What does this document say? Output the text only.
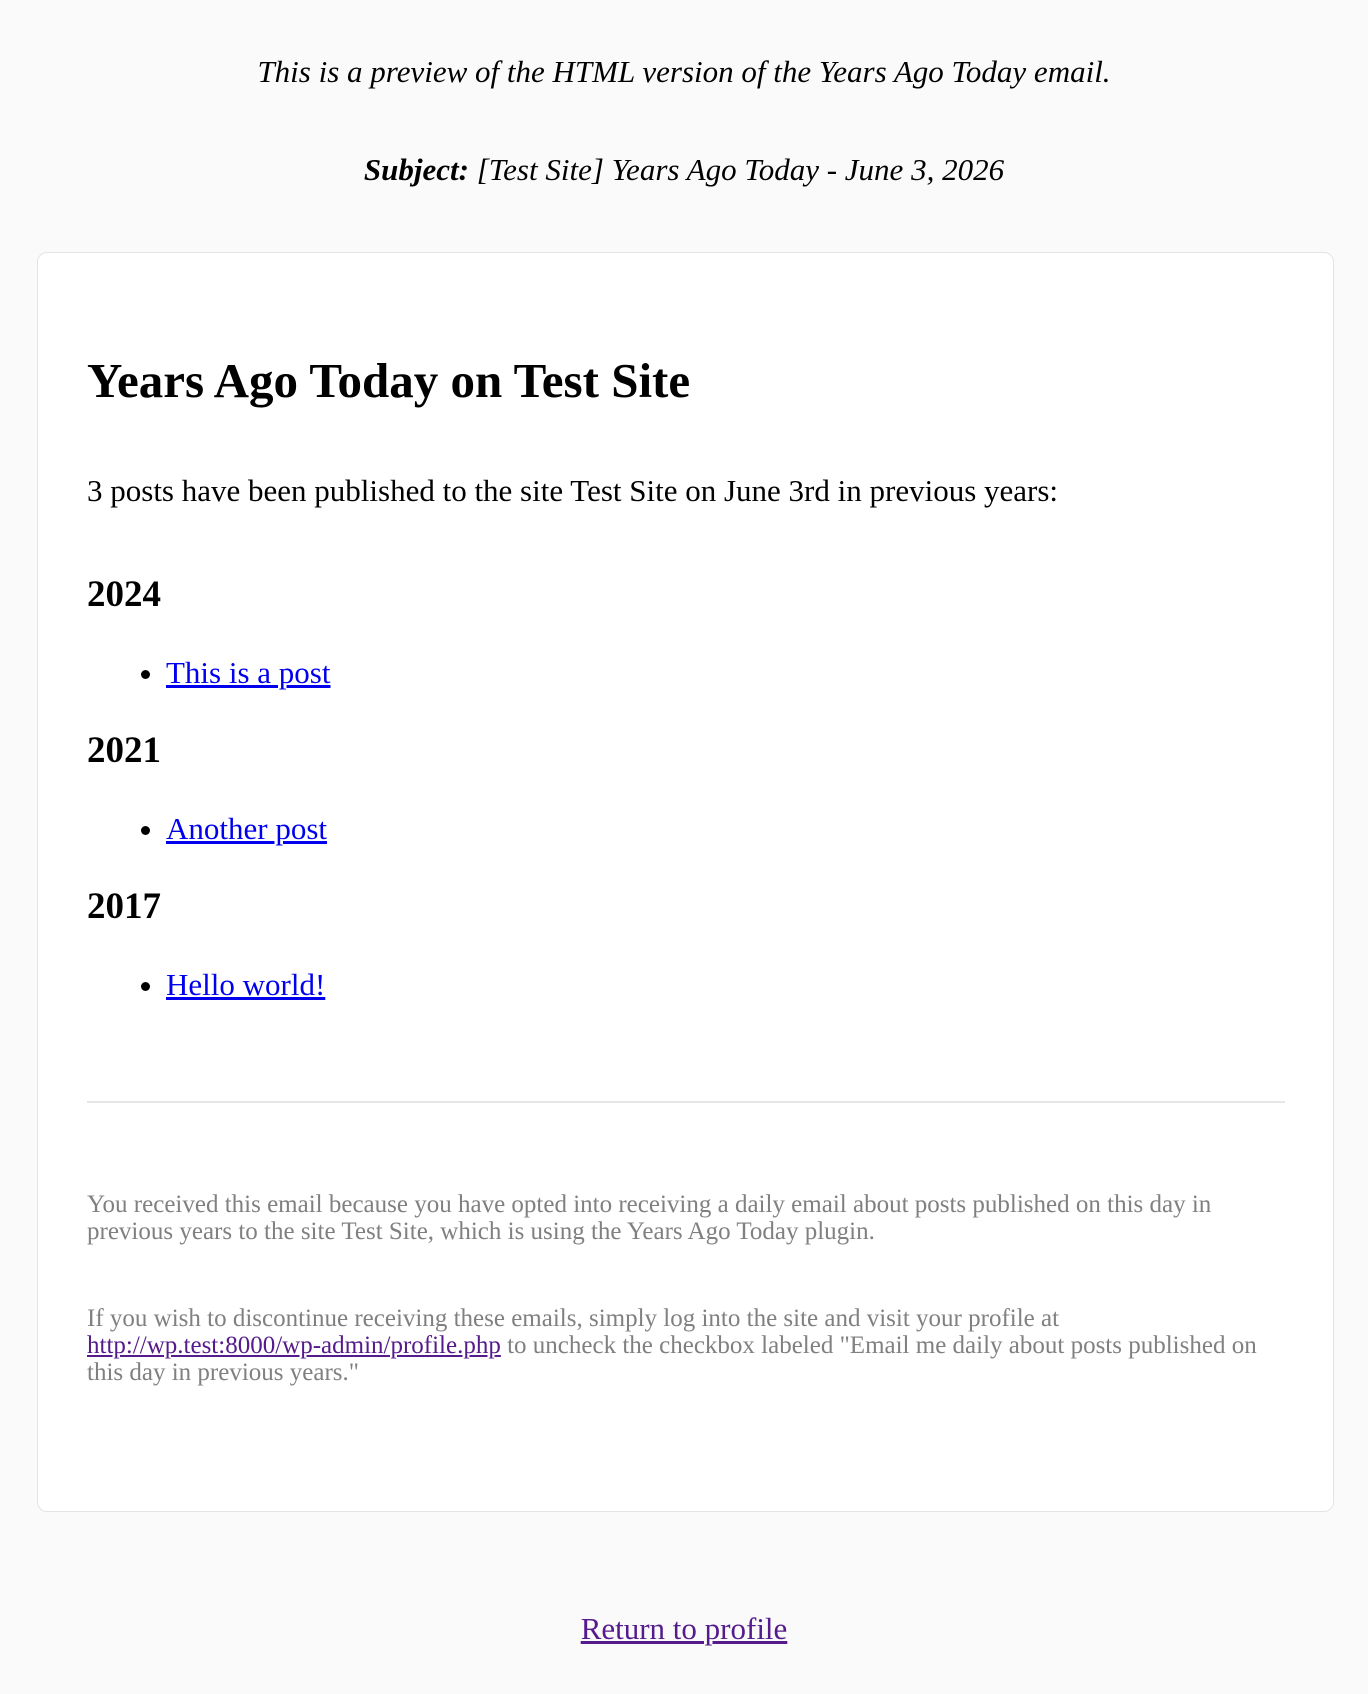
This is a preview of the HTML version of the Years Ago Today email.

Subject: [Test Site] Years Ago Today - June 3, 2026

Years Ago Today on Test Site

3 posts have been published to the site Test Site on June 3rd in previous years:

2024
• This is a post
2021
• Another post
2017
• Hello world!

You received this email because you have opted into receiving a daily email about posts published on this day in previous years to the site Test Site, which is using the Years Ago Today plugin.

If you wish to discontinue receiving these emails, simply log into the site and visit your profile at http://wp.test:8000/wp-admin/profile.php to uncheck the checkbox labeled "Email me daily about posts published on this day in previous years."

Return to profile
